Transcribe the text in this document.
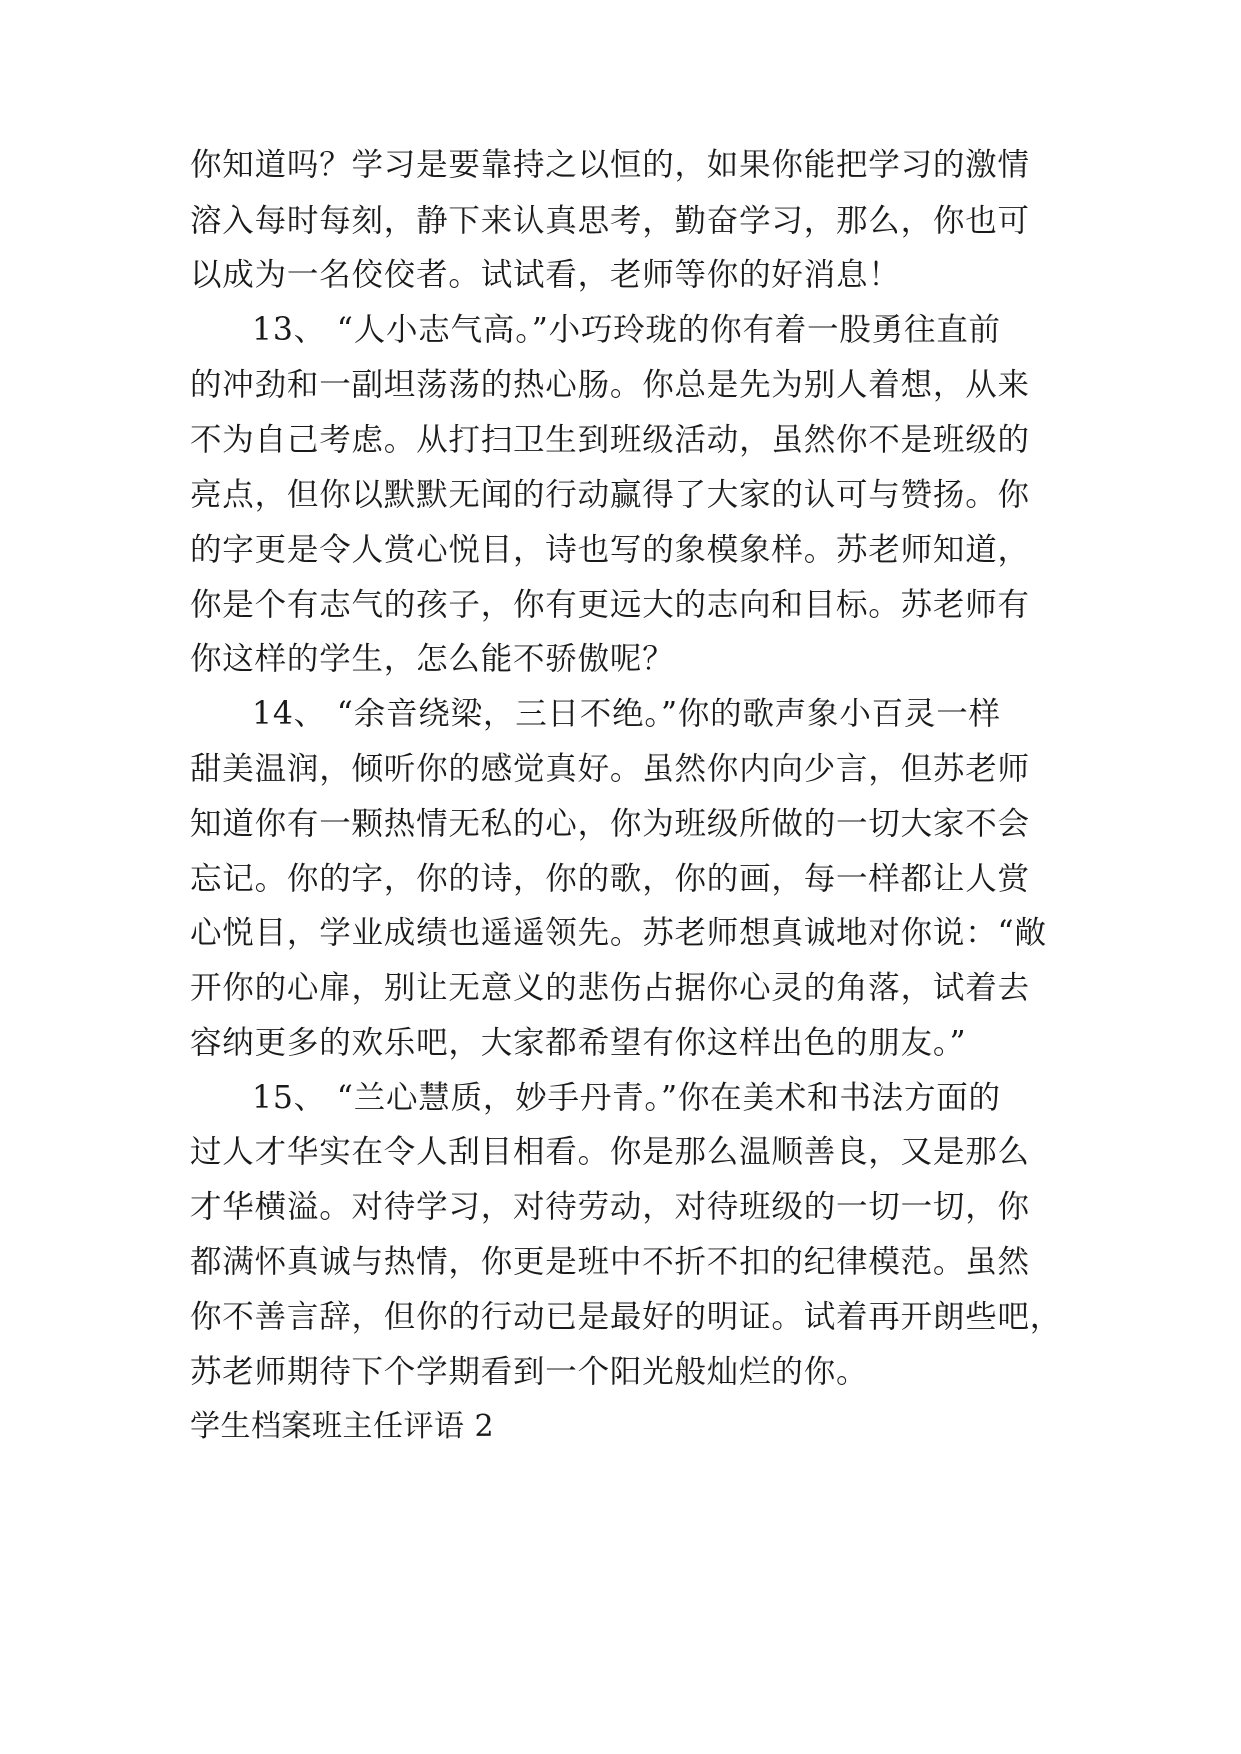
你知道吗？学习是要靠持之以恒的，如果你能把学习的激情
溶入每时每刻，静下来认真思考，勤奋学习，那么，你也可
以成为一名佼佼者。试试看，老师等你的好消息！
13、 “人小志气高。”小巧玲珑的你有着一股勇往直前
的冲劲和一副坦荡荡的热心肠。你总是先为别人着想，从来
不为自己考虑。从打扫卫生到班级活动，虽然你不是班级的
亮点，但你以默默无闻的行动赢得了大家的认可与赞扬。你
的字更是令人赏心悦目，诗也写的象模象样。苏老师知道，
你是个有志气的孩子，你有更远大的志向和目标。苏老师有
你这样的学生，怎么能不骄傲呢？
14、 “余音绕梁，三日不绝。”你的歌声象小百灵一样
甜美温润，倾听你的感觉真好。虽然你内向少言，但苏老师
知道你有一颗热情无私的心，你为班级所做的一切大家不会
忘记。你的字，你的诗，你的歌，你的画，每一样都让人赏
心悦目，学业成绩也遥遥领先。苏老师想真诚地对你说：“敞
开你的心扉，别让无意义的悲伤占据你心灵的角落，试着去
容纳更多的欢乐吧，大家都希望有你这样出色的朋友。”
15、 “兰心慧质，妙手丹青。”你在美术和书法方面的
过人才华实在令人刮目相看。你是那么温顺善良，又是那么
才华横溢。对待学习，对待劳动，对待班级的一切一切，你
都满怀真诚与热情，你更是班中不折不扣的纪律模范。虽然
你不善言辞，但你的行动已是最好的明证。试着再开朗些吧，
苏老师期待下个学期看到一个阳光般灿烂的你。
学生档案班主任评语 2
